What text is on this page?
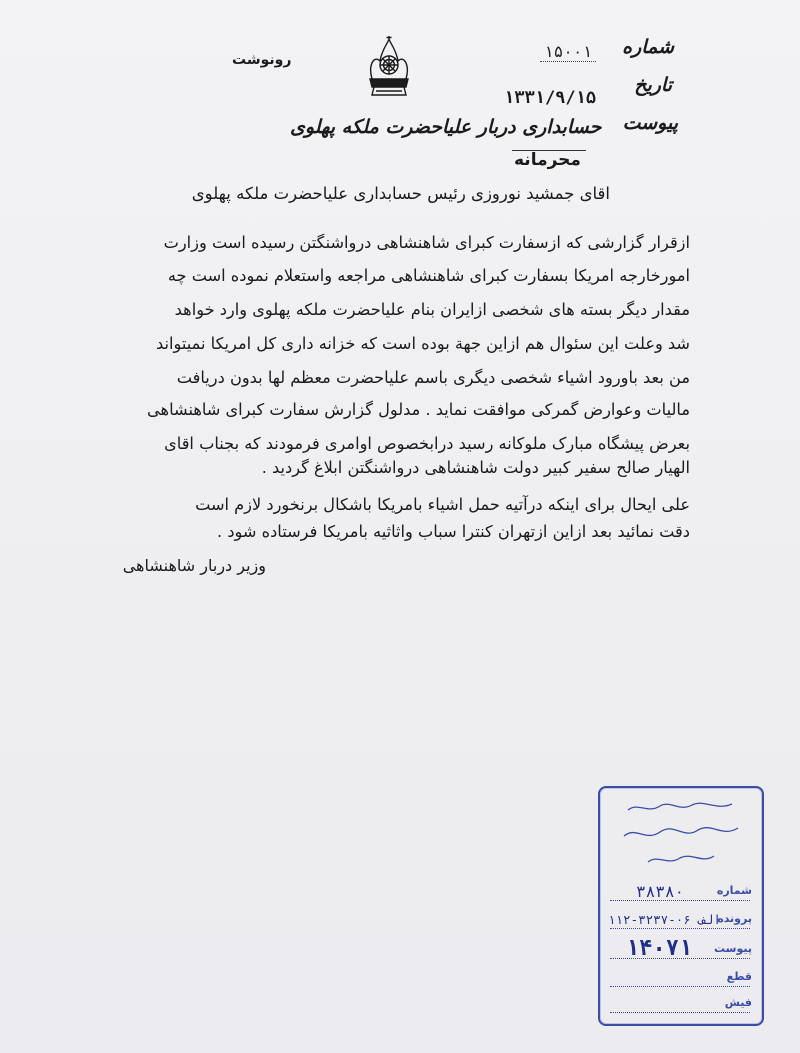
شماره
تاریخ
پیوست
۱۵۰۰۱
۱۳۳۱/۹/۱۵
رونوشت
حسابداری دربار علیاحضرت ملکه پهلوی
محرمانه
اقای جمشید نوروزی رئیس حسابداری علیاحضرت ملکه پهلوی
ازقرار گزارشی که ازسفارت کبرای شاهنشاهی درواشنگتن رسیده است وزارت
امورخارجه امریکا بسفارت کبرای شاهنشاهی مراجعه واستعلام نموده است چه
مقدار دیگر بسته های شخصی ازایران بنام علیاحضرت ملکه پهلوی وارد خواهد
شد وعلت این سئوال هم ازاین جهة بوده است که خزانه داری کل امریکا نمیتواند
من بعد باورود اشیاء شخصی دیگری باسم علیاحضرت معظم لها بدون دریافت
مالیات وعوارض گمرکی موافقت نماید . مدلول گزارش سفارت کبرای شاهنشاهی
بعرض پیشگاه مبارک ملوکانه رسید درابخصوص اوامری فرمودند که بجناب اقای
الهیار صالح سفیر کبیر دولت شاهنشاهی درواشنگتن ابلاغ گردید .
علی ایحال برای اینکه درآتیه حمل اشیاء بامریکا باشکال برنخورد لازم است
دقت نمائید بعد ازاین ازتهران کنترا سباب واثاثیه بامریکا فرستاده شود .
وزیر دربار شاهنشاهی
شماره
۳۸۳۸۰
پرونده
۱۱۲-۳۲۳۷-۰۶ الف
پیوست
۱۴۰۷۱
قطع
فیش
